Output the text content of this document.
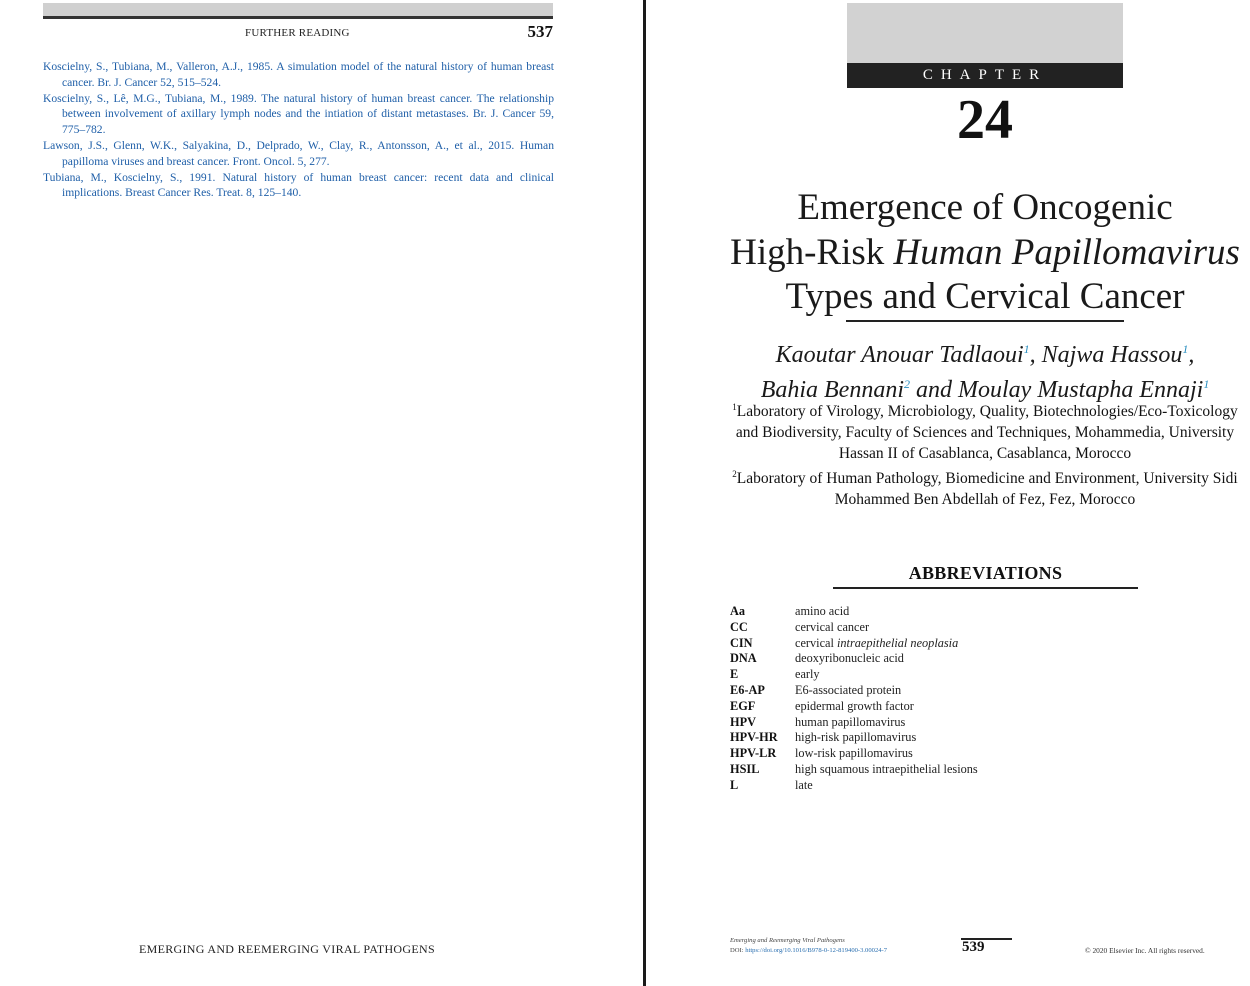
FURTHER READING	537

Koscielny, S., Tubiana, M., Valleron, A.J., 1985. A simulation model of the natural history of human breast cancer. Br. J. Cancer 52, 515–524.

Koscielny, S., Lê, M.G., Tubiana, M., 1989. The natural history of human breast cancer. The relationship between involvement of axillary lymph nodes and the intiation of distant metastases. Br. J. Cancer 59, 775–782.

Lawson, J.S., Glenn, W.K., Salyakina, D., Delprado, W., Clay, R., Antonsson, A., et al., 2015. Human papilloma viruses and breast cancer. Front. Oncol. 5, 277.

Tubiana, M., Koscielny, S., 1991. Natural history of human breast cancer: recent data and clinical implications. Breast Cancer Res. Treat. 8, 125–140.

EMERGING AND REEMERGING VIRAL PATHOGENS
CHAPTER
24
Emergence of Oncogenic
High-Risk Human Papillomavirus
Types and Cervical Cancer
Kaoutar Anouar Tadlaoui$^1$, Najwa Hassou$^1$,
Bahia Bennani$^2$ and Moulay Mustapha Ennaji$^1$
$^1$Laboratory of Virology, Microbiology, Quality, Biotechnologies/Eco-Toxicology and Biodiversity, Faculty of Sciences and Techniques, Mohammedia, University Hassan II of Casablanca, Casablanca, Morocco
$^2$Laboratory of Human Pathology, Biomedicine and Environment, University Sidi Mohammed Ben Abdellah of Fez, Fez, Morocco
ABBREVIATIONS
Aa	amino acid
CC	cervical cancer
CIN	cervical intraepithelial neoplasia
DNA	deoxyribonucleic acid
E	early
E6-AP	E6-associated protein
EGF	epidermal growth factor
HPV	human papillomavirus
HPV-HR	high-risk papillomavirus
HPV-LR	low-risk papillomavirus
HSIL	high squamous intraepithelial lesions
L	late
Emerging and Reemerging Viral Pathogens
DOI: https://doi.org/10.1016/B978-0-12-819400-3.00024-7	539	© 2020 Elsevier Inc. All rights reserved.
